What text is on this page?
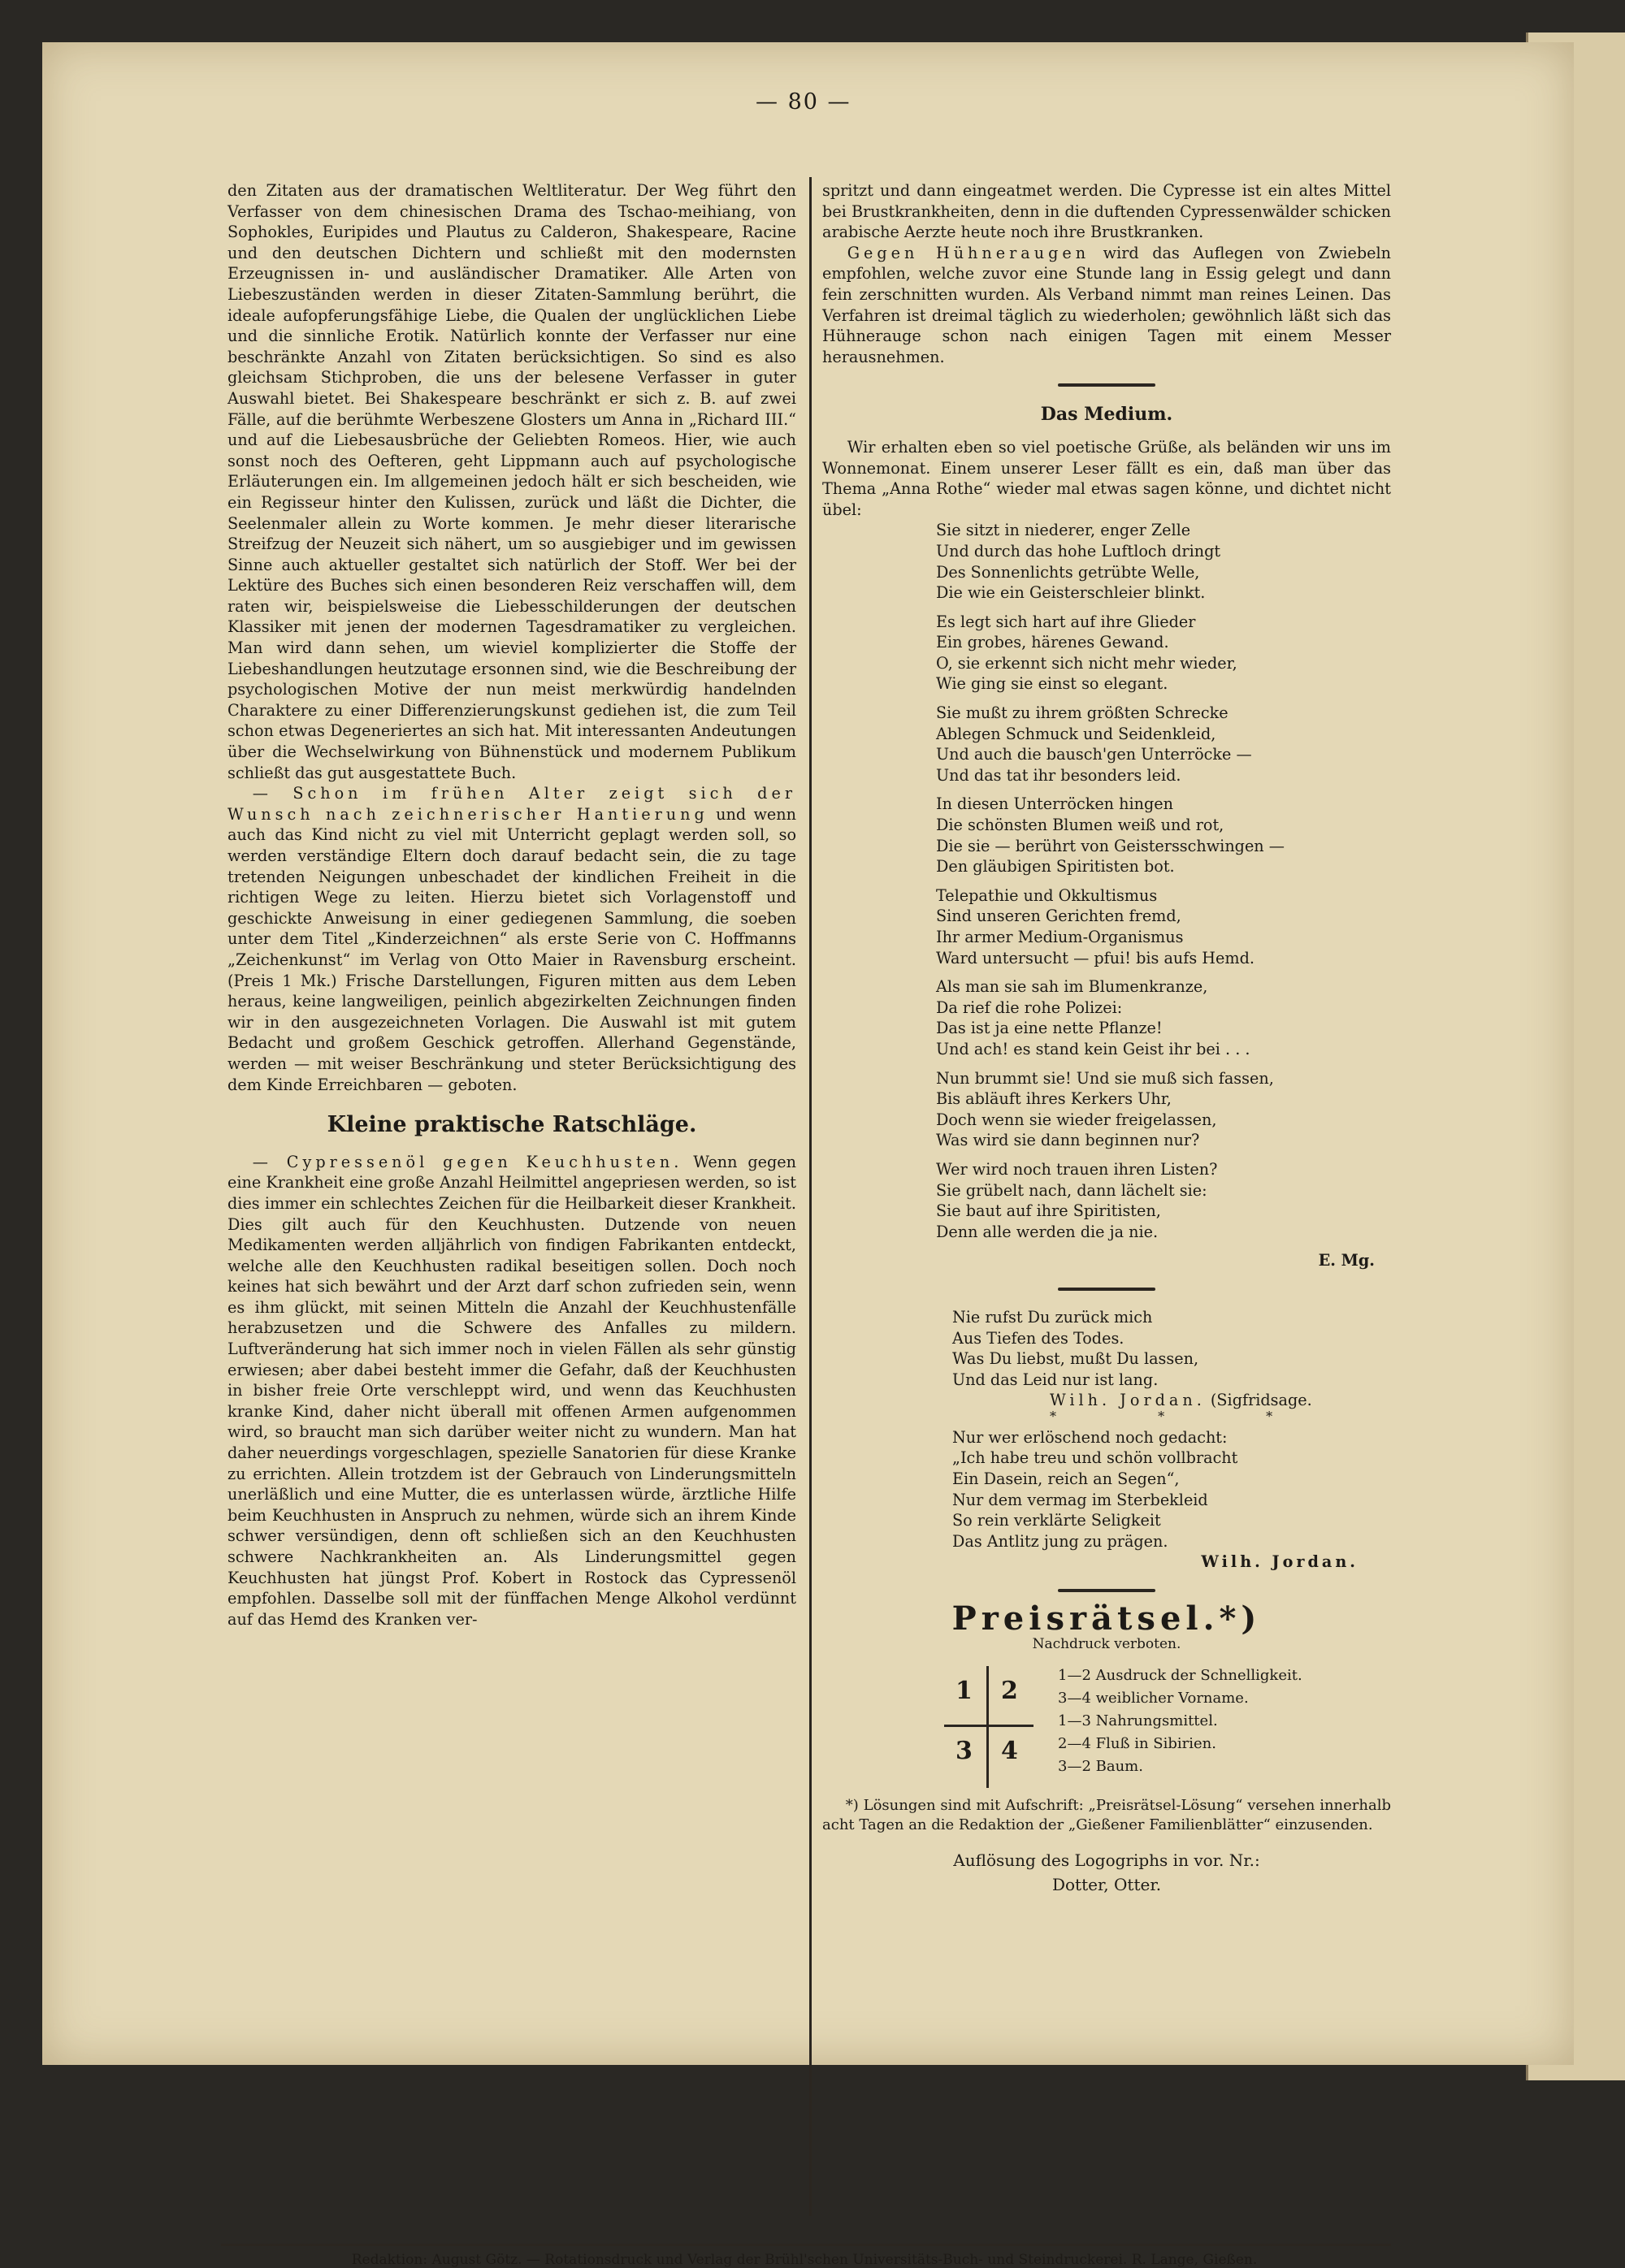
— 80 —

den Zitaten aus der dramatischen Weltliteratur. Der Weg führt den Verfasser von dem chinesischen Drama des Tschao-meihiang, von Sophokles, Euripides und Plautus zu Calderon, Shakespeare, Racine und den deutschen Dichtern und schließt mit den modernsten Erzeugnissen in- und ausländischer Dramatiker. Alle Arten von Liebeszuständen werden in dieser Zitaten-Sammlung berührt, die ideale aufopferungsfähige Liebe, die Qualen der unglücklichen Liebe und die sinnliche Erotik. Natürlich konnte der Verfasser nur eine beschränkte Anzahl von Zitaten berücksichtigen. So sind es also gleichsam Stichproben, die uns der belesene Verfasser in guter Auswahl bietet. Bei Shakespeare beschränkt er sich z. B. auf zwei Fälle, auf die berühmte Werbeszene Glosters um Anna in „Richard III.“ und auf die Liebesausbrüche der Geliebten Romeos. Hier, wie auch sonst noch des Oefteren, geht Lippmann auch auf psychologische Erläuterungen ein. Im allgemeinen jedoch hält er sich bescheiden, wie ein Regisseur hinter den Kulissen, zurück und läßt die Dichter, die Seelenmaler allein zu Worte kommen. Je mehr dieser literarische Streifzug der Neuzeit sich nähert, um so ausgiebiger und im gewissen Sinne auch aktueller gestaltet sich natürlich der Stoff. Wer bei der Lektüre des Buches sich einen besonderen Reiz verschaffen will, dem raten wir, beispielsweise die Liebesschilderungen der deutschen Klassiker mit jenen der modernen Tagesdramatiker zu vergleichen. Man wird dann sehen, um wieviel komplizierter die Stoffe der Liebeshandlungen heutzutage ersonnen sind, wie die Beschreibung der psychologischen Motive der nun meist merkwürdig handelnden Charaktere zu einer Differenzierungskunst gediehen ist, die zum Teil schon etwas Degeneriertes an sich hat. Mit interessanten Andeutungen über die Wechselwirkung von Bühnenstück und modernem Publikum schließt das gut ausgestattete Buch.

— Schon im frühen Alter zeigt sich der Wunsch nach zeichnerischer Hantierung und wenn auch das Kind nicht zu viel mit Unterricht geplagt werden soll, so werden verständige Eltern doch darauf bedacht sein, die zu tage tretenden Neigungen unbeschadet der kindlichen Freiheit in die richtigen Wege zu leiten. Hierzu bietet sich Vorlagenstoff und geschickte Anweisung in einer gediegenen Sammlung, die soeben unter dem Titel „Kinderzeichnen“ als erste Serie von C. Hoffmanns „Zeichenkunst“ im Verlag von Otto Maier in Ravensburg erscheint. (Preis 1 Mk.) Frische Darstellungen, Figuren mitten aus dem Leben heraus, keine langweiligen, peinlich abgezirkelten Zeichnungen finden wir in den ausgezeichneten Vorlagen. Die Auswahl ist mit gutem Bedacht und großem Geschick getroffen. Allerhand Gegenstände, werden — mit weiser Beschränkung und steter Berücksichtigung des dem Kinde Erreichbaren — geboten.

Kleine praktische Ratschläge.

— Cypressenöl gegen Keuchhusten. Wenn gegen eine Krankheit eine große Anzahl Heilmittel angepriesen werden, so ist dies immer ein schlechtes Zeichen für die Heilbarkeit dieser Krankheit. Dies gilt auch für den Keuchhusten. Dutzende von neuen Medikamenten werden alljährlich von findigen Fabrikanten entdeckt, welche alle den Keuchhusten radikal beseitigen sollen. Doch noch keines hat sich bewährt und der Arzt darf schon zufrieden sein, wenn es ihm glückt, mit seinen Mitteln die Anzahl der Keuchhustenfälle herabzusetzen und die Schwere des Anfalles zu mildern. Luftveränderung hat sich immer noch in vielen Fällen als sehr günstig erwiesen; aber dabei besteht immer die Gefahr, daß der Keuchhusten in bisher freie Orte verschleppt wird, und wenn das Keuchhusten kranke Kind, daher nicht überall mit offenen Armen aufgenommen wird, so braucht man sich darüber weiter nicht zu wundern. Man hat daher neuerdings vorgeschlagen, spezielle Sanatorien für diese Kranke zu errichten. Allein trotzdem ist der Gebrauch von Linderungsmitteln unerläßlich und eine Mutter, die es unterlassen würde, ärztliche Hilfe beim Keuchhusten in Anspruch zu nehmen, würde sich an ihrem Kinde schwer versündigen, denn oft schließen sich an den Keuchhusten schwere Nachkrankheiten an. Als Linderungsmittel gegen Keuchhusten hat jüngst Prof. Kobert in Rostock das Cypressenöl empfohlen. Dasselbe soll mit der fünffachen Menge Alkohol verdünnt auf das Hemd des Kranken ver-

spritzt und dann eingeatmet werden. Die Cypresse ist ein altes Mittel bei Brustkrankheiten, denn in die duftenden Cypressenwälder schicken arabische Aerzte heute noch ihre Brustkranken.

Gegen Hühneraugen wird das Auflegen von Zwiebeln empfohlen, welche zuvor eine Stunde lang in Essig gelegt und dann fein zerschnitten wurden. Als Verband nimmt man reines Leinen. Das Verfahren ist dreimal täglich zu wiederholen; gewöhnlich läßt sich das Hühnerauge schon nach einigen Tagen mit einem Messer herausnehmen.

Das Medium.

Wir erhalten eben so viel poetische Grüße, als beländen wir uns im Wonnemonat. Einem unserer Leser fällt es ein, daß man über das Thema „Anna Rothe“ wieder mal etwas sagen könne, und dichtet nicht übel:

Sie sitzt in niederer, enger Zelle
Und durch das hohe Luftloch dringt
Des Sonnenlichts getrübte Welle,
Die wie ein Geisterschleier blinkt.
Es legt sich hart auf ihre Glieder
Ein grobes, härenes Gewand.
O, sie erkennt sich nicht mehr wieder,
Wie ging sie einst so elegant.
Sie mußt zu ihrem größten Schrecke
Ablegen Schmuck und Seidenkleid,
Und auch die bausch'gen Unterröcke —
Und das tat ihr besonders leid.
In diesen Unterröcken hingen
Die schönsten Blumen weiß und rot,
Die sie — berührt von Geistersschwingen —
Den gläubigen Spiritisten bot.
Telepathie und Okkultismus
Sind unseren Gerichten fremd,
Ihr armer Medium-Organismus
Ward untersucht — pfui! bis aufs Hemd.
Als man sie sah im Blumenkranze,
Da rief die rohe Polizei:
Das ist ja eine nette Pflanze!
Und ach! es stand kein Geist ihr bei . . .
Nun brummt sie! Und sie muß sich fassen,
Bis abläuft ihres Kerkers Uhr,
Doch wenn sie wieder freigelassen,
Was wird sie dann beginnen nur?
Wer wird noch trauen ihren Listen?
Sie grübelt nach, dann lächelt sie:
Sie baut auf ihre Spiritisten,
Denn alle werden die ja nie.
E. Mg.
Nie rufst Du zurück mich
Aus Tiefen des Todes.
Was Du liebst, mußt Du lassen,
Und das Leid nur ist lang.
Wilh. Jordan. (Sigfridsage.
* * *
Nur wer erlöschend noch gedacht:
„Ich habe treu und schön vollbracht
Ein Dasein, reich an Segen“,
Nur dem vermag im Sterbekleid
So rein verklärte Seligkeit
Das Antlitz jung zu prägen.
Wilh. Jordan.
Preisrätsel.*)
Nachdruck verboten.
1 2
3 4
1—2 Ausdruck der Schnelligkeit.
3—4 weiblicher Vorname.
1—3 Nahrungsmittel.
2—4 Fluß in Sibirien.
3—2 Baum.

*) Lösungen sind mit Aufschrift: „Preisrätsel-Lösung“ versehen innerhalb acht Tagen an die Redaktion der „Gießener Familienblätter“ einzusenden.

Auflösung des Logogriphs in vor. Nr.:
Dotter, Otter.
Redaktion: August Götz. — Rotationsdruck und Verlag der Brühl'schen Universitäts-Buch- und Steindruckerei. R. Lange, Gießen.
